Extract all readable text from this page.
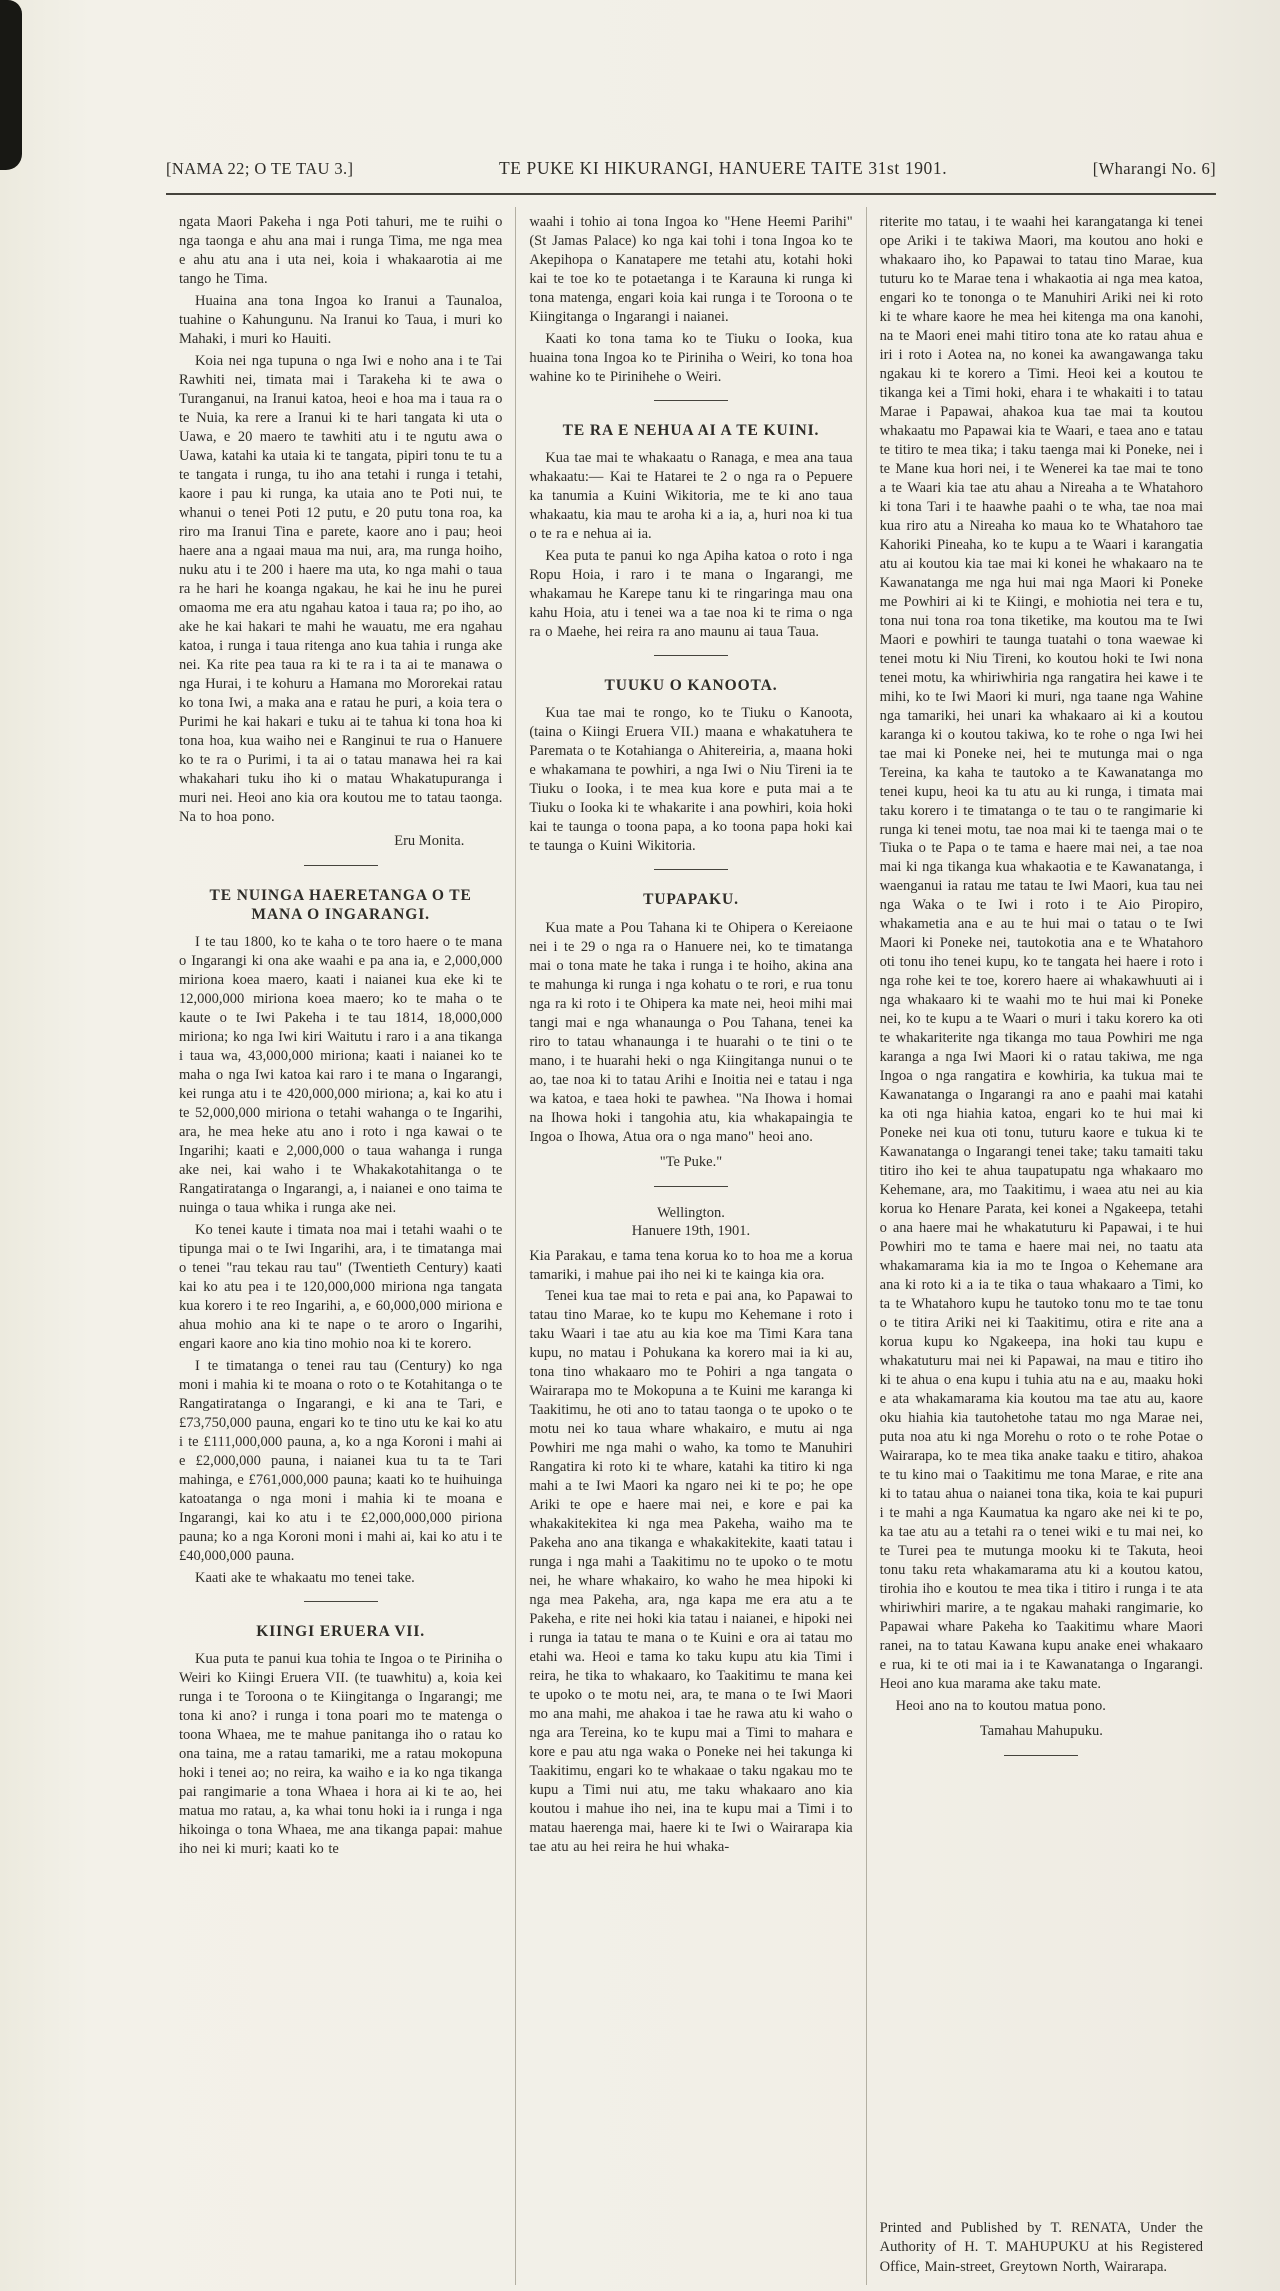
[NAMA 22; O TE TAU 3.]	TE PUKE KI HIKURANGI, HANUERE TAITE 31st 1901.	[Wharangi No. 6]
ngata Maori Pakeha i nga Poti tahuri, me te ruihi o nga taonga e ahu ana mai i runga Tima, me nga mea e ahu atu ana i uta nei, koia i whakaarotia ai me tango he Tima.
Huaina ana tona Ingoa ko Iranui a Taunaloa, tuahine o Kahungunu. Na Iranui ko Taua, i muri ko Mahaki, i muri ko Hauiti.
Koia nei nga tupuna o nga Iwi e noho ana i te Tai Rawhiti nei, timata mai i Tarakeha ki te awa o Turanganui, na Iranui katoa, heoi e hoa ma i taua ra o te Nuia, ka rere a Iranui ki te hari tangata ki uta o Uawa, e 20 maero te tawhiti atu i te ngutu awa o Uawa, katahi ka utaia ki te tangata, pipiri tonu te tu a te tangata i runga, tu iho ana tetahi i runga i tetahi, kaore i pau ki runga, ka utaia ano te Poti nui, te whanui o tenei Poti 12 putu, e 20 putu tona roa, ka riro ma Iranui Tina e parete, kaore ano i pau; heoi haere ana a ngaai maua ma nui, ara, ma runga hoiho, nuku atu i te 200 i haere ma uta, ko nga mahi o taua ra he hari he koanga ngakau, he kai he inu he purei omaoma me era atu ngahau katoa i taua ra; po iho, ao ake he kai hakari te mahi he wauatu, me era ngahau katoa, i runga i taua ritenga ano kua tahia i runga ake nei. Ka rite pea taua ra ki te ra i ta ai te manawa o nga Hurai, i te kohuru a Hamana mo Mororekai ratau ko tona Iwi, a maka ana e ratau he puri, a koia tera o Purimi he kai hakari e tuku ai te tahua ki tona hoa ki tona hoa, kua waiho nei e Ranginui te rua o Hanuere ko te ra o Purimi, i ta ai o tatau manawa hei ra kai whakahari tuku iho ki o matau Whakatupuranga i muri nei. Heoi ano kia ora koutou me to tatau taonga. Na to hoa pono.
Eru Monita.
TE NUINGA HAERETANGA O TE MANA O INGARANGI.
I te tau 1800, ko te kaha o te toro haere o te mana o Ingarangi ki ona ake waahi e pa ana ia, e 2,000,000 miriona koea maero, kaati i naianei kua eke ki te 12,000,000 miriona koea maero; ko te maha o te kaute o te Iwi Pakeha i te tau 1814, 18,000,000 miriona; ko nga Iwi kiri Waitutu i raro i a ana tikanga i taua wa, 43,000,000 miriona; kaati i naianei ko te maha o nga Iwi katoa kai raro i te mana o Ingarangi, kei runga atu i te 420,000,000 miriona; a, kai ko atu i te 52,000,000 miriona o tetahi wahanga o te Ingarihi, ara, he mea heke atu ano i roto i nga kawai o te Ingarihi; kaati e 2,000,000 o taua wahanga i runga ake nei, kai waho i te Whakakotahitanga o te Rangatiratanga o Ingarangi, a, i naianei e ono taima te nuinga o taua whika i runga ake nei.
Ko tenei kaute i timata noa mai i tetahi waahi o te tipunga mai o te Iwi Ingarihi, ara, i te timatanga mai o tenei "rau tekau rau tau" (Twentieth Century) kaati kai ko atu pea i te 120,000,000 miriona nga tangata kua korero i te reo Ingarihi, a, e 60,000,000 miriona e ahua mohio ana ki te nape o te aroro o Ingarihi, engari kaore ano kia tino mohio noa ki te korero.
I te timatanga o tenei rau tau (Century) ko nga moni i mahia ki te moana o roto o te Kotahitanga o te Rangatiratanga o Ingarangi, e ki ana te Tari, e £73,750,000 pauna, engari ko te tino utu ke kai ko atu i te £111,000,000 pauna, a, ko a nga Koroni i mahi ai e £2,000,000 pauna, i naianei kua tu ta te Tari mahinga, e £761,000,000 pauna; kaati ko te huihuinga katoatanga o nga moni i mahia ki te moana e Ingarangi, kai ko atu i te £2,000,000,000 piriona pauna; ko a nga Koroni moni i mahi ai, kai ko atu i te £40,000,000 pauna.
Kaati ake te whakaatu mo tenei take.
KIINGI ERUERA VII.
Kua puta te panui kua tohia te Ingoa o te Piriniha o Weiri ko Kiingi Eruera VII. (te tuawhitu) a, koia kei runga i te Toroona o te Kiingitanga o Ingarangi; me tona ki ano? i runga i tona poari mo te matenga o toona Whaea, me te mahue panitanga iho o ratau ko ona taina, me a ratau tamariki, me a ratau mokopuna hoki i tenei ao; no reira, ka waiho e ia ko nga tikanga pai rangimarie a tona Whaea i hora ai ki te ao, hei matua mo ratau, a, ka whai tonu hoki ia i runga i nga hikoinga o tona Whaea, me ana tikanga papai: mahue iho nei ki muri; kaati ko te
waahi i tohio ai tona Ingoa ko "Hene Heemi Parihi" (St Jamas Palace) ko nga kai tohi i tona Ingoa ko te Akepihopa o Kanatapere me tetahi atu, kotahi hoki kai te toe ko te potaetanga i te Karauna ki runga ki tona matenga, engari koia kai runga i te Toroona o te Kiingitanga o Ingarangi i naianei.
Kaati ko tona tama ko te Tiuku o Iooka, kua huaina tona Ingoa ko te Piriniha o Weiri, ko tona hoa wahine ko te Pirinihehe o Weiri.
TE RA E NEHUA AI A TE KUINI.
Kua tae mai te whakaatu o Ranaga, e mea ana taua whakaatu:— Kai te Hatarei te 2 o nga ra o Pepuere ka tanumia a Kuini Wikitoria, me te ki ano taua whakaatu, kia mau te aroha ki a ia, a, huri noa ki tua o te ra e nehua ai ia.
Kea puta te panui ko nga Apiha katoa o roto i nga Ropu Hoia, i raro i te mana o Ingarangi, me whakamau he Karepe tanu ki te ringaringa mau ona kahu Hoia, atu i tenei wa a tae noa ki te rima o nga ra o Maehe, hei reira ra ano maunu ai taua Taua.
TUUKU O KANOOTA.
Kua tae mai te rongo, ko te Tiuku o Kanoota, (taina o Kiingi Eruera VII.) maana e whakatuhera te Paremata o te Kotahianga o Ahitereiria, a, maana hoki e whakamana te powhiri, a nga Iwi o Niu Tireni ia te Tiuku o Iooka, i te mea kua kore e puta mai a te Tiuku o Iooka ki te whakarite i ana powhiri, koia hoki kai te taunga o toona papa, a ko toona papa hoki kai te taunga o Kuini Wikitoria.
TUPAPAKU.
Kua mate a Pou Tahana ki te Ohipera o Kereiaone nei i te 29 o nga ra o Hanuere nei, ko te timatanga mai o tona mate he taka i runga i te hoiho, akina ana te mahunga ki runga i nga kohatu o te rori, e rua tonu nga ra ki roto i te Ohipera ka mate nei, heoi mihi mai tangi mai e nga whanaunga o Pou Tahana, tenei ka riro to tatau whanaunga i te huarahi o te tini o te mano, i te huarahi heki o nga Kiingitanga nunui o te ao, tae noa ki to tatau Arihi e Inoitia nei e tatau i nga wa katoa, e taea hoki te pawhea. "Na Ihowa i homai na Ihowa hoki i tangohia atu, kia whakapaingia te Ingoa o Ihowa, Atua ora o nga mano" heoi ano.
"Te Puke."
Wellington.
Hanuere 19th, 1901.
Kia Parakau, e tama tena korua ko to hoa me a korua tamariki, i mahue pai iho nei ki te kainga kia ora.
Tenei kua tae mai to reta e pai ana, ko Papawai to tatau tino Marae, ko te kupu mo Kehemane i roto i taku Waari i tae atu au kia koe ma Timi Kara tana kupu, no matau i Pohukana ka korero mai ia ki au, tona tino whakaaro mo te Pohiri a nga tangata o Wairarapa mo te Mokopuna a te Kuini me karanga ki Taakitimu, he oti ano to tatau taonga o te upoko o te motu nei ko taua whare whakairo, e mutu ai nga Powhiri me nga mahi o waho, ka tomo te Manuhiri Rangatira ki roto ki te whare, katahi ka titiro ki nga mahi a te Iwi Maori ka ngaro nei ki te po; he ope Ariki te ope e haere mai nei, e kore e pai ka whakakitekitea ki nga mea Pakeha, waiho ma te Pakeha ano ana tikanga e whakakitekite, kaati tatau i runga i nga mahi a Taakitimu no te upoko o te motu nei, he whare whakairo, ko waho he mea hipoki ki nga mea Pakeha, ara, nga kapa me era atu a te Pakeha, e rite nei hoki kia tatau i naianei, e hipoki nei i runga ia tatau te mana o te Kuini e ora ai tatau mo etahi wa. Heoi e tama ko taku kupu atu kia Timi i reira, he tika to whakaaro, ko Taakitimu te mana kei te upoko o te motu nei, ara, te mana o te Iwi Maori mo ana mahi, me ahakoa i tae he rawa atu ki waho o nga ara Tereina, ko te kupu mai a Timi to mahara e kore e pau atu nga waka o Poneke nei hei takunga ki Taakitimu, engari ko te whakaae o taku ngakau mo te kupu a Timi nui atu, me taku whakaaro ano kia koutou i mahue iho nei, ina te kupu mai a Timi i to matau haerenga mai, haere ki te Iwi o Wairarapa kia tae atu au hei reira he hui whaka-
riterite mo tatau, i te waahi hei karangatanga ki tenei ope Ariki i te takiwa Maori, ma koutou ano hoki e whakaaro iho, ko Papawai to tatau tino Marae, kua tuturu ko te Marae tena i whakaotia ai nga mea katoa, engari ko te tononga o te Manuhiri Ariki nei ki roto ki te whare kaore he mea hei kitenga ma ona kanohi, na te Maori enei mahi titiro tona ate ko ratau ahua e iri i roto i Aotea na, no konei ka awangawanga taku ngakau ki te korero a Timi. Heoi kei a koutou te tikanga kei a Timi hoki, ehara i te whakaiti i to tatau Marae i Papawai, ahakoa kua tae mai ta koutou whakaatu mo Papawai kia te Waari, e taea ano e tatau te titiro te mea tika; i taku taenga mai ki Poneke, nei i te Mane kua hori nei, i te Wenerei ka tae mai te tono a te Waari kia tae atu ahau a Nireaha a te Whatahoro ki tona Tari i te haawhe paahi o te wha, tae noa mai kua riro atu a Nireaha ko maua ko te Whatahoro tae Kahoriki Pineaha, ko te kupu a te Waari i karangatia atu ai koutou kia tae mai ki konei he whakaaro na te Kawanatanga me nga hui mai nga Maori ki Poneke me Powhiri ai ki te Kiingi, e mohiotia nei tera e tu, tona nui tona roa tona tiketike, ma koutou ma te Iwi Maori e powhiri te taunga tuatahi o tona waewae ki tenei motu ki Niu Tireni, ko koutou hoki te Iwi nona tenei motu, ka whiriwhiria nga rangatira hei kawe i te mihi, ko te Iwi Maori ki muri, nga taane nga Wahine nga tamariki, hei unari ka whakaaro ai ki a koutou karanga ki o koutou takiwa, ko te rohe o nga Iwi hei tae mai ki Poneke nei, hei te mutunga mai o nga Tereina, ka kaha te tautoko a te Kawanatanga mo tenei kupu, heoi ka tu atu au ki runga, i timata mai taku korero i te timatanga o te tau o te rangimarie ki runga ki tenei motu, tae noa mai ki te taenga mai o te Tiuka o te Papa o te tama e haere mai nei, a tae noa mai ki nga tikanga kua whakaotia e te Kawanatanga, i waenganui ia ratau me tatau te Iwi Maori, kua tau nei nga Waka o te Iwi i roto i te Aio Piropiro, whakametia ana e au te hui mai o tatau o te Iwi Maori ki Poneke nei, tautokotia ana e te Whatahoro oti tonu iho tenei kupu, ko te tangata hei haere i roto i nga rohe kei te toe, korero haere ai whakawhuuti ai i nga whakaaro ki te waahi mo te hui mai ki Poneke nei, ko te kupu a te Waari o muri i taku korero ka oti te whakariterite nga tikanga mo taua Powhiri me nga karanga a nga Iwi Maori ki o ratau takiwa, me nga Ingoa o nga rangatira e kowhiria, ka tukua mai te Kawanatanga o Ingarangi ra ano e paahi mai katahi ka oti nga hiahia katoa, engari ko te hui mai ki Poneke nei kua oti tonu, tuturu kaore e tukua ki te Kawanatanga o Ingarangi tenei take; taku tamaiti taku titiro iho kei te ahua taupatupatu nga whakaaro mo Kehemane, ara, mo Taakitimu, i waea atu nei au kia korua ko Henare Parata, kei konei a Ngakeepa, tetahi o ana haere mai he whakatuturu ki Papawai, i te hui Powhiri mo te tama e haere mai nei, no taatu ata whakamarama kia ia mo te Ingoa o Kehemane ara ana ki roto ki a ia te tika o taua whakaaro a Timi, ko ta te Whatahoro kupu he tautoko tonu mo te tae tonu o te titira Ariki nei ki Taakitimu, otira e rite ana a korua kupu ko Ngakeepa, ina hoki tau kupu e whakatuturu mai nei ki Papawai, na mau e titiro iho ki te ahua o ena kupu i tuhia atu na e au, maaku hoki e ata whakamarama kia koutou ma tae atu au, kaore oku hiahia kia tautohetohe tatau mo nga Marae nei, puta noa atu ki nga Morehu o roto o te rohe Potae o Wairarapa, ko te mea tika anake taaku e titiro, ahakoa te tu kino mai o Taakitimu me tona Marae, e rite ana ki to tatau ahua o naianei tona tika, koia te kai pupuri i te mahi a nga Kaumatua ka ngaro ake nei ki te po, ka tae atu au a tetahi ra o tenei wiki e tu mai nei, ko te Turei pea te mutunga mooku ki te Takuta, heoi tonu taku reta whakamarama atu ki a koutou katou, tirohia iho e koutou te mea tika i titiro i runga i te ata whiriwhiri marire, a te ngakau mahaki rangimarie, ko Papawai whare Pakeha ko Taakitimu whare Maori ranei, na to tatau Kawana kupu anake enei whakaaro e rua, ki te oti mai ia i te Kawanatanga o Ingarangi. Heoi ano kua marama ake taku mate.
Heoi ano na to koutou matua pono.
Tamahau Mahupuku.
Printed and Published by T. RENATA, Under the Authority of H. T. MAHUPUKU at his Registered Office, Main-street, Greytown North, Wairarapa.
